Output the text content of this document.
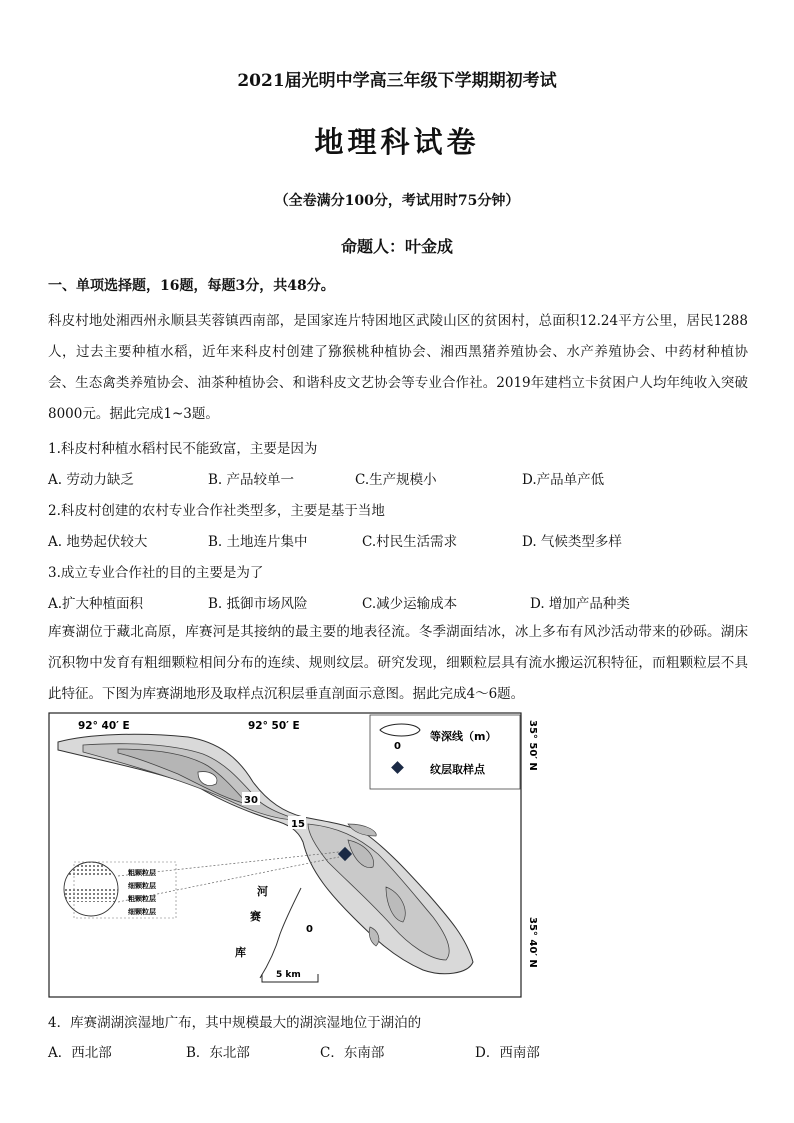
2021届光明中学高三年级下学期期初考试
地理科试卷
（全卷满分100分，考试用时75分钟）
命题人：叶金成
一、单项选择题，16题，每题3分，共48分。
科皮村地处湘西州永顺县芙蓉镇西南部，是国家连片特困地区武陵山区的贫困村，总面积12.24平方公里，居民1288人，过去主要种植水稻，近年来科皮村创建了猕猴桃种植协会、湘西黑猪养殖协会、水产养殖协会、中药材种植协会、生态禽类养殖协会、油茶种植协会、和谐科皮文艺协会等专业合作社。2019年建档立卡贫困户人均年纯收入突破8000元。据此完成1~3题。
1.科皮村种植水稻村民不能致富，主要是因为
A. 劳动力缺乏	B. 产品较单一	C.生产规模小	D.产品单产低
2.科皮村创建的农村专业合作社类型多，主要是基于当地
A. 地势起伏较大	B. 土地连片集中	C.村民生活需求	D. 气候类型多样
3.成立专业合作社的目的主要是为了
A.扩大种植面积	B. 抵御市场风险	C.减少运输成本	D. 增加产品种类
库赛湖位于藏北高原，库赛河是其接纳的最主要的地表径流。冬季湖面结冰，冰上多布有风沙活动带来的砂砾。湖床沉积物中发育有粗细颗粒相间分布的连续、规则纹层。研究发现，细颗粒层具有流水搬运沉积特征，而粗颗粒层不具此特征。下图为库赛湖地形及取样点沉积层垂直剖面示意图。据此完成4～6题。
粗颗粒层
细颗粒层
粗颗粒层
细颗粒层
0
等深线（m）
纹层取样点
92° 40′ E	92° 50′ E	35° 50′ N
35° 40′ N
30
15
0
河
赛
库
5 km
4．库赛湖湖滨湿地广布，其中规模最大的湖滨湿地位于湖泊的
A．西北部	B．东北部	C．东南部	D．西南部
